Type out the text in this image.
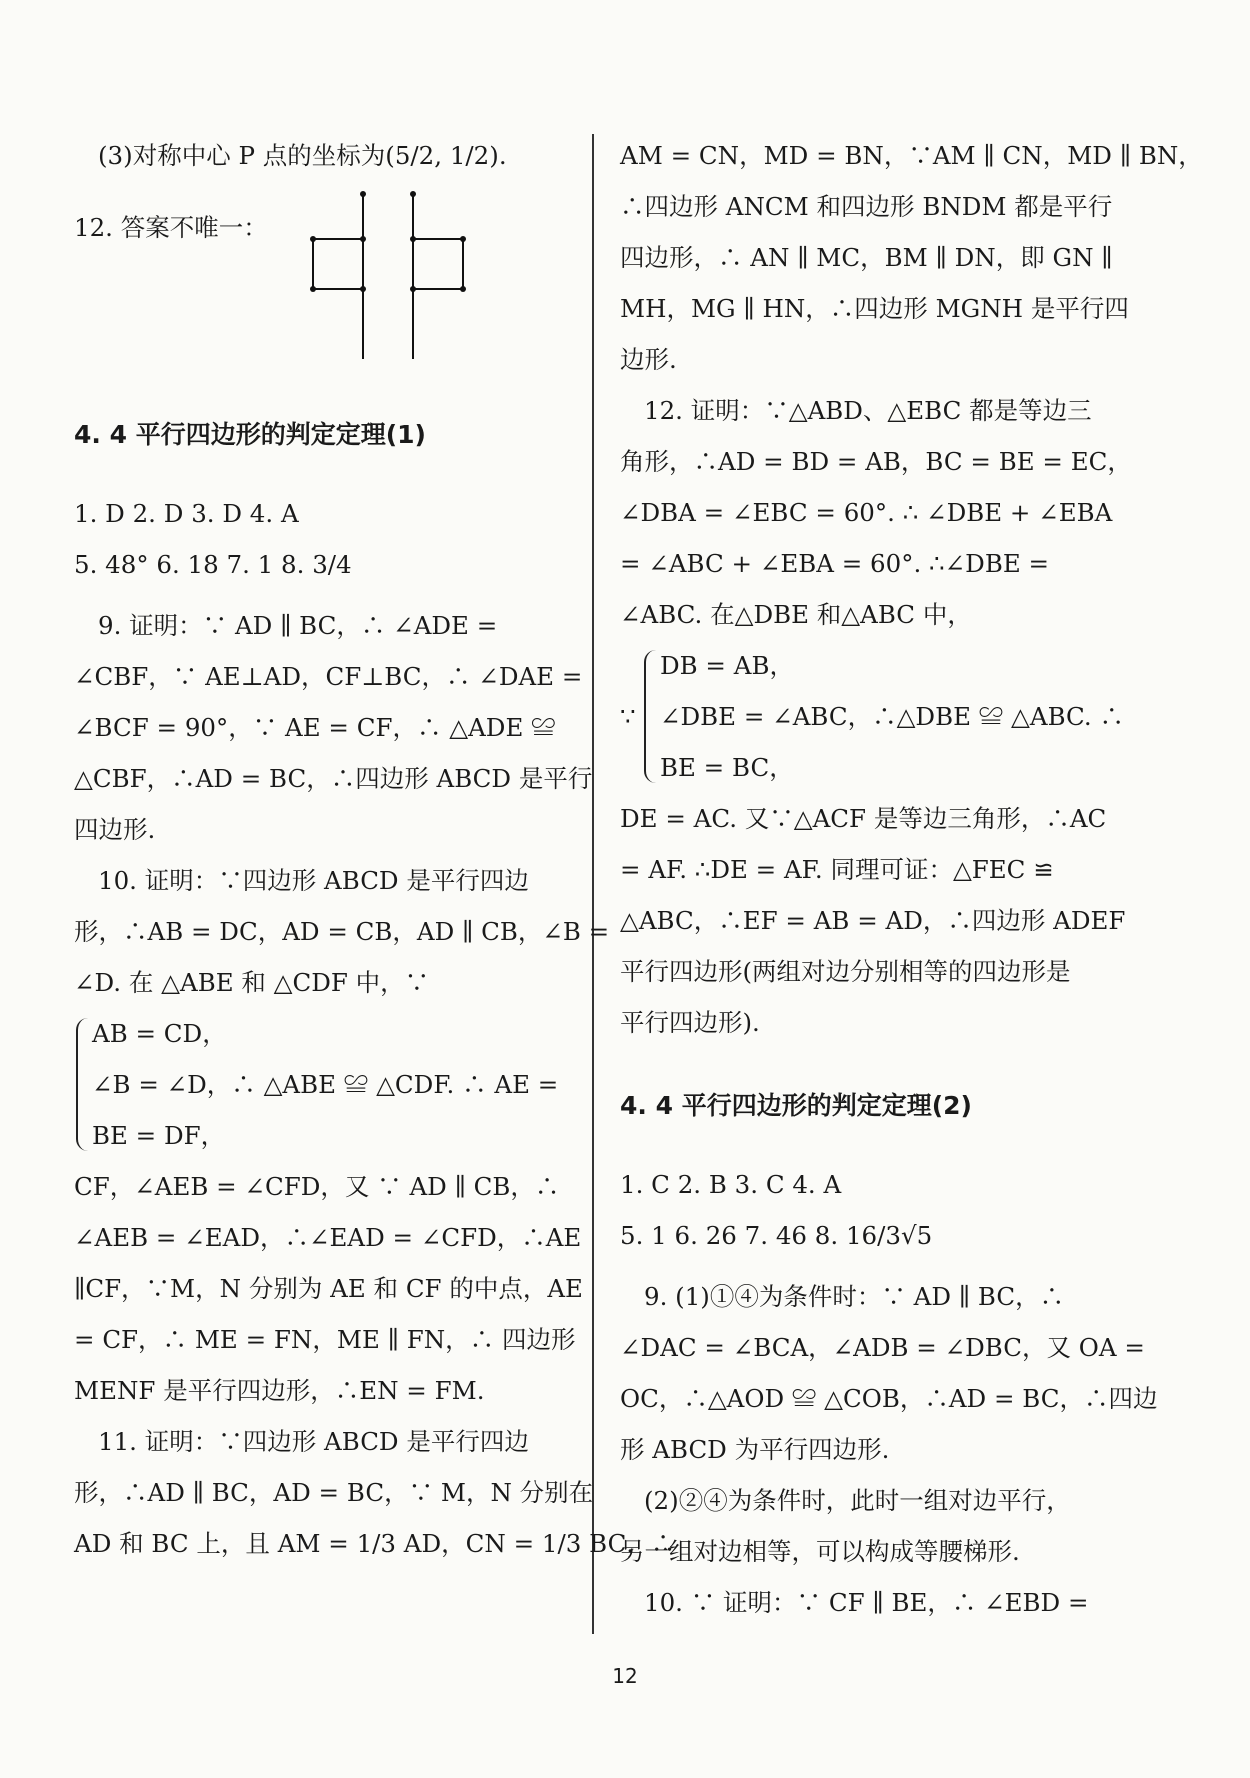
(3)对称中心 P 点的坐标为(5/2, 1/2).
12. 答案不唯一：
4. 4 平行四边形的判定定理(1)
1. D 2. D 3. D 4. A
5. 48° 6. 18 7. 1 8. 3/4
9. 证明：∵ AD ∥ BC，∴ ∠ADE =
∠CBF，∵ AE⊥AD，CF⊥BC，∴ ∠DAE =
∠BCF = 90°，∵ AE = CF，∴ △ADE ≌
△CBF，∴AD = BC，∴四边形 ABCD 是平行
四边形.
10. 证明：∵四边形 ABCD 是平行四边
形，∴AB = DC，AD = CB，AD ∥ CB，∠B =
∠D. 在 △ABE 和 △CDF 中，∵
AB = CD，
∠B = ∠D，∴ △ABE ≌ △CDF. ∴ AE =
BE = DF，
CF，∠AEB = ∠CFD，又 ∵ AD ∥ CB，∴
∠AEB = ∠EAD，∴∠EAD = ∠CFD，∴AE
∥CF，∵M，N 分别为 AE 和 CF 的中点，AE
= CF，∴ ME = FN，ME ∥ FN，∴ 四边形
MENF 是平行四边形，∴EN = FM.
11. 证明：∵四边形 ABCD 是平行四边
形，∴AD ∥ BC，AD = BC，∵ M，N 分别在
AD 和 BC 上，且 AM = 1/3 AD，CN = 1/3 BC，∴
AM = CN，MD = BN，∵AM ∥ CN，MD ∥ BN，
∴四边形 ANCM 和四边形 BNDM 都是平行
四边形，∴ AN ∥ MC，BM ∥ DN，即 GN ∥
MH，MG ∥ HN，∴四边形 MGNH 是平行四
边形.
12. 证明：∵△ABD、△EBC 都是等边三
角形，∴AD = BD = AB，BC = BE = EC，
∠DBA = ∠EBC = 60°. ∴ ∠DBE + ∠EBA
= ∠ABC + ∠EBA = 60°. ∴∠DBE =
∠ABC. 在△DBE 和△ABC 中，
∵
DB = AB，
∠DBE = ∠ABC，∴△DBE ≌ △ABC. ∴
BE = BC，
DE = AC. 又∵△ACF 是等边三角形，∴AC
= AF. ∴DE = AF. 同理可证：△FEC ≌
△ABC，∴EF = AB = AD，∴四边形 ADEF
平行四边形(两组对边分别相等的四边形是
平行四边形).
4. 4 平行四边形的判定定理(2)
1. C 2. B 3. C 4. A
5. 1 6. 26 7. 46 8. 16/3√5
9. (1)①④为条件时：∵ AD ∥ BC，∴
∠DAC = ∠BCA，∠ADB = ∠DBC，又 OA =
OC，∴△AOD ≌ △COB，∴AD = BC，∴四边
形 ABCD 为平行四边形.
(2)②④为条件时，此时一组对边平行，
另一组对边相等，可以构成等腰梯形.
10. ∵ 证明：∵ CF ∥ BE，∴ ∠EBD =
12
